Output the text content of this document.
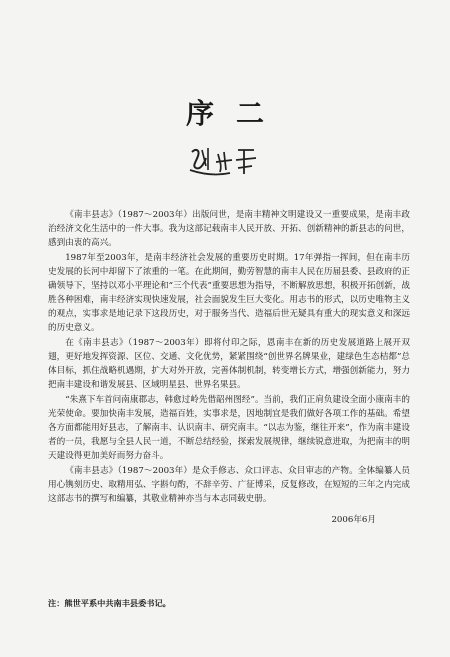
序二

《南丰县志》（1987～2003年）出版问世，是南丰精神文明建设又一重要成果，是南丰政治经济文化生活中的一件大事。我为这部记载南丰人民开放、开拓、创新精神的新县志的问世，感到由衷的高兴。

1987年至2003年，是南丰经济社会发展的重要历史时期。17年弹指一挥间，但在南丰历史发展的长河中却留下了浓重的一笔。在此期间，勤劳智慧的南丰人民在历届县委、县政府的正确领导下，坚持以邓小平理论和“三个代表”重要思想为指导，不断解放思想，积极开拓创新，战胜各种困难，南丰经济实现快速发展，社会面貌发生巨大变化。用志书的形式，以历史唯物主义的观点，实事求是地记录下这段历史，对于服务当代、造福后世无疑具有重大的现实意义和深远的历史意义。

在《南丰县志》（1987～2003年）即将付印之际，恩南丰在新的历史发展道路上展开双翅，更好地发挥资源、区位、交通、文化优势，紧紧围绕“创世界名牌果业，建绿色生态桔都”总体目标，抓住战略机遇期，扩大对外开放，完善体制机制，转变增长方式，增强创新能力，努力把南丰建设和谐发展县、区域明星县、世界名果县。

“朱熹下车首问南康郡志，韩愈过岭先借韶州图经”。当前，我们正肩负建设全面小康南丰的光荣使命。要加快南丰发展，造福百姓，实事求是，因地制宜是我们做好各项工作的基础。希望各方面都能用好县志，了解南丰、认识南丰、研究南丰。“以志为鉴，继往开来”，作为南丰建设者的一员，我愿与全县人民一道，不断总结经验，探索发展规律，继续锐意进取，为把南丰的明天建设得更加美好而努力奋斗。

《南丰县志》（1987～2003年）是众手修志、众口评志、众目审志的产物。全体编纂人员用心镌刻历史、取精用弘、字斟句酌，不辞辛劳、广征博采，反复修改，在短短的三年之内完成这部志书的撰写和编纂，其敬业精神亦当与本志同载史册。

2006年6月
注：熊世平系中共南丰县委书记。
